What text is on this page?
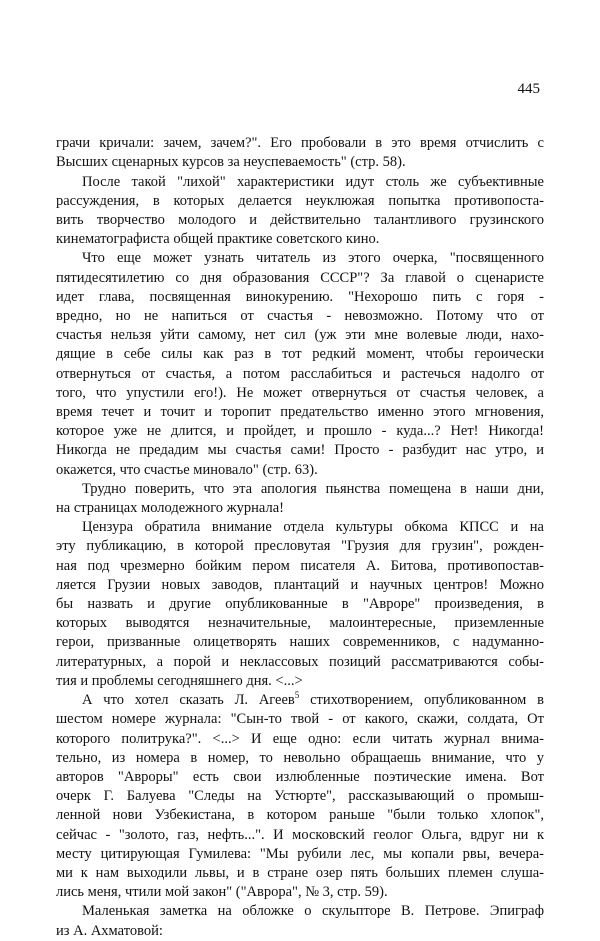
445
грачи кричали: зачем, зачем?". Его пробовали в это время отчислить с
Высших сценарных курсов за неуспеваемость" (стр. 58).
После такой "лихой" характеристики идут столь же субъективные
рассуждения, в которых делается неуклюжая попытка противопоста-
вить творчество молодого и действительно талантливого грузинского
кинематографиста общей практике советского кино.
Что еще может узнать читатель из этого очерка, "посвященного
пятидесятилетию со дня образования СССР"? За главой о сценаристе
идет глава, посвященная винокурению. "Нехорошо пить с горя -
вредно, но не напиться от счастья - невозможно. Потому что от
счастья нельзя уйти самому, нет сил (уж эти мне волевые люди, нахо-
дящие в себе силы как раз в тот редкий момент, чтобы героически
отвернуться от счастья, а потом расслабиться и растечься надолго от
того, что упустили его!). Не может отвернуться от счастья человек, а
время течет и точит и торопит предательство именно этого мгновения,
которое уже не длится, и пройдет, и прошло - куда...? Нет! Никогда!
Никогда не предадим мы счастья сами! Просто - разбудит нас утро, и
окажется, что счастье миновало" (стр. 63).
Трудно поверить, что эта апология пьянства помещена в наши дни,
на страницах молодежного журнала!
Цензура обратила внимание отдела культуры обкома КПСС и на
эту публикацию, в которой пресловутая "Грузия для грузин", рожден-
ная под чрезмерно бойким пером писателя А. Битова, противопостав-
ляется Грузии новых заводов, плантаций и научных центров! Можно
бы назвать и другие опубликованные в "Авроре" произведения, в
которых выводятся незначительные, малоинтересные, приземленные
герои, призванные олицетворять наших современников, с надуманно-
литературных, а порой и неклассовых позиций рассматриваются собы-
тия и проблемы сегодняшнего дня. <...>
А что хотел сказать Л. Агеев$^5$ стихотворением, опубликованном в
шестом номере журнала: "Сын-то твой - от какого, скажи, солдата, От
которого политрука?". <...> И еще одно: если читать журнал внима-
тельно, из номера в номер, то невольно обращаешь внимание, что у
авторов "Авроры" есть свои излюбленные поэтические имена. Вот
очерк Г. Балуева "Следы на Устюрте", рассказывающий о промыш-
ленной нови Узбекистана, в котором раньше "были только хлопок",
сейчас - "золото, газ, нефть...". И московский геолог Ольга, вдруг ни к
месту цитирующая Гумилева: "Мы рубили лес, мы копали рвы, вечера-
ми к нам выходили львы, и в стране озер пять больших племен слуша-
лись меня, чтили мой закон" ("Аврора", № 3, стр. 59).
Маленькая заметка на обложке о скульпторе В. Петрове. Эпиграф
из А. Ахматовой:
